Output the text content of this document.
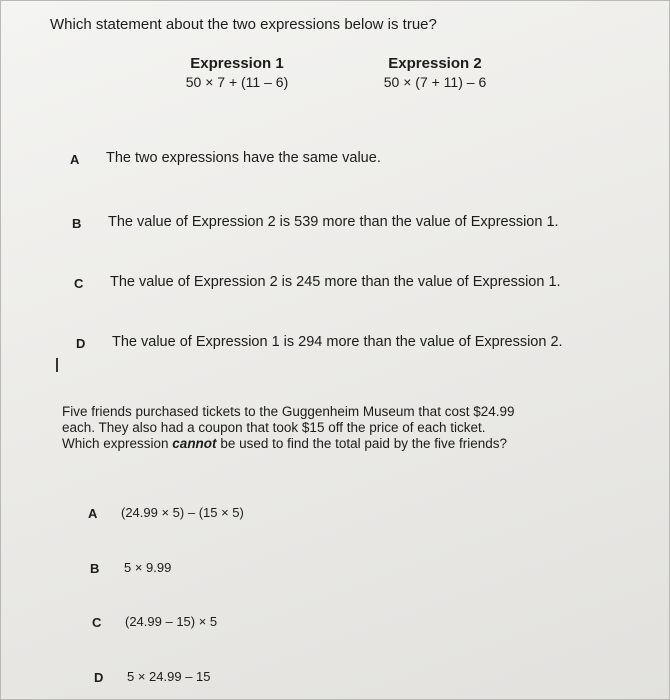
Which statement about the two expressions below is true?
Expression 1
50 × 7 + (11 – 6)
Expression 2
50 × (7 + 11) – 6
A The two expressions have the same value.
B The value of Expression 2 is 539 more than the value of Expression 1.
C The value of Expression 2 is 245 more than the value of Expression 1.
D The value of Expression 1 is 294 more than the value of Expression 2.
Five friends purchased tickets to the Guggenheim Museum that cost $24.99
each. They also had a coupon that took $15 off the price of each ticket.
Which expression cannot be used to find the total paid by the five friends?
A (24.99 × 5) – (15 × 5)
B 5 × 9.99
C (24.99 – 15) × 5
D 5 × 24.99 – 15
